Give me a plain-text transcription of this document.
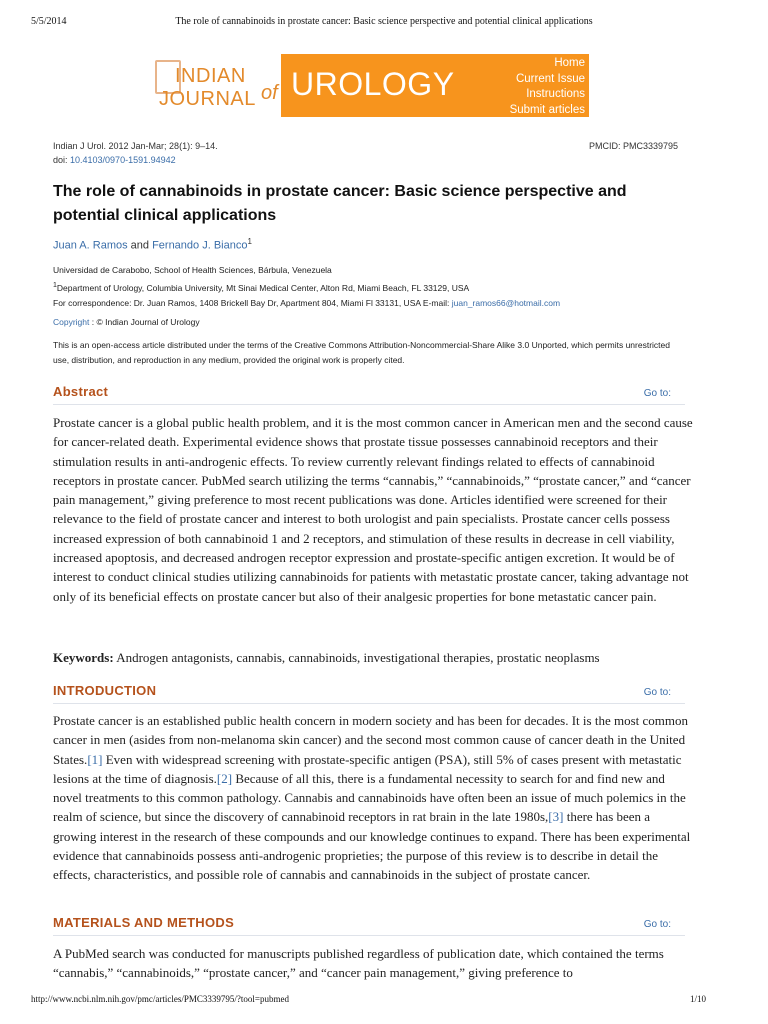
5/5/2014	The role of cannabinoids in prostate cancer: Basic science perspective and potential clinical applications
INDIAN
JOURNAL of UROLOGY
Home
Current Issue
Instructions
Submit articles
Indian J Urol. 2012 Jan-Mar; 28(1): 9–14.
doi: 10.4103/0970-1591.94942
PMCID: PMC3339795
The role of cannabinoids in prostate cancer: Basic science perspective and potential clinical applications
Juan A. Ramos and Fernando J. Bianco$^1$
Universidad de Carabobo, School of Health Sciences, Bárbula, Venezuela
$^1$Department of Urology, Columbia University, Mt Sinai Medical Center, Alton Rd, Miami Beach, FL 33129, USA
For correspondence: Dr. Juan Ramos, 1408 Brickell Bay Dr, Apartment 804, Miami Fl 33131, USA E-mail: juan_ramos66@hotmail.com
Copyright : © Indian Journal of Urology
This is an open-access article distributed under the terms of the Creative Commons Attribution-Noncommercial-Share Alike 3.0 Unported, which permits unrestricted use, distribution, and reproduction in any medium, provided the original work is properly cited.
Abstract	Go to:
Prostate cancer is a global public health problem, and it is the most common cancer in American men and the second cause for cancer-related death. Experimental evidence shows that prostate tissue possesses cannabinoid receptors and their stimulation results in anti-androgenic effects. To review currently relevant findings related to effects of cannabinoid receptors in prostate cancer. PubMed search utilizing the terms “cannabis,” “cannabinoids,” “prostate cancer,” and “cancer pain management,” giving preference to most recent publications was done. Articles identified were screened for their relevance to the field of prostate cancer and interest to both urologist and pain specialists. Prostate cancer cells possess increased expression of both cannabinoid 1 and 2 receptors, and stimulation of these results in decrease in cell viability, increased apoptosis, and decreased androgen receptor expression and prostate-specific antigen excretion. It would be of interest to conduct clinical studies utilizing cannabinoids for patients with metastatic prostate cancer, taking advantage not only of its beneficial effects on prostate cancer but also of their analgesic properties for bone metastatic cancer pain.
Keywords: Androgen antagonists, cannabis, cannabinoids, investigational therapies, prostatic neoplasms
INTRODUCTION	Go to:
Prostate cancer is an established public health concern in modern society and has been for decades. It is the most common cancer in men (asides from non-melanoma skin cancer) and the second most common cause of cancer death in the United States.[1] Even with widespread screening with prostate-specific antigen (PSA), still 5% of cases present with metastatic lesions at the time of diagnosis.[2] Because of all this, there is a fundamental necessity to search for and find new and novel treatments to this common pathology. Cannabis and cannabinoids have often been an issue of much polemics in the realm of science, but since the discovery of cannabinoid receptors in rat brain in the late 1980s,[3] there has been a growing interest in the research of these compounds and our knowledge continues to expand. There has been experimental evidence that cannabinoids possess anti-androgenic proprieties; the purpose of this review is to describe in detail the effects, characteristics, and possible role of cannabis and cannabinoids in the subject of prostate cancer.
MATERIALS AND METHODS	Go to:
A PubMed search was conducted for manuscripts published regardless of publication date, which contained the terms “cannabis,” “cannabinoids,” “prostate cancer,” and “cancer pain management,” giving preference to
http://www.ncbi.nlm.nih.gov/pmc/articles/PMC3339795/?tool=pubmed	1/10
